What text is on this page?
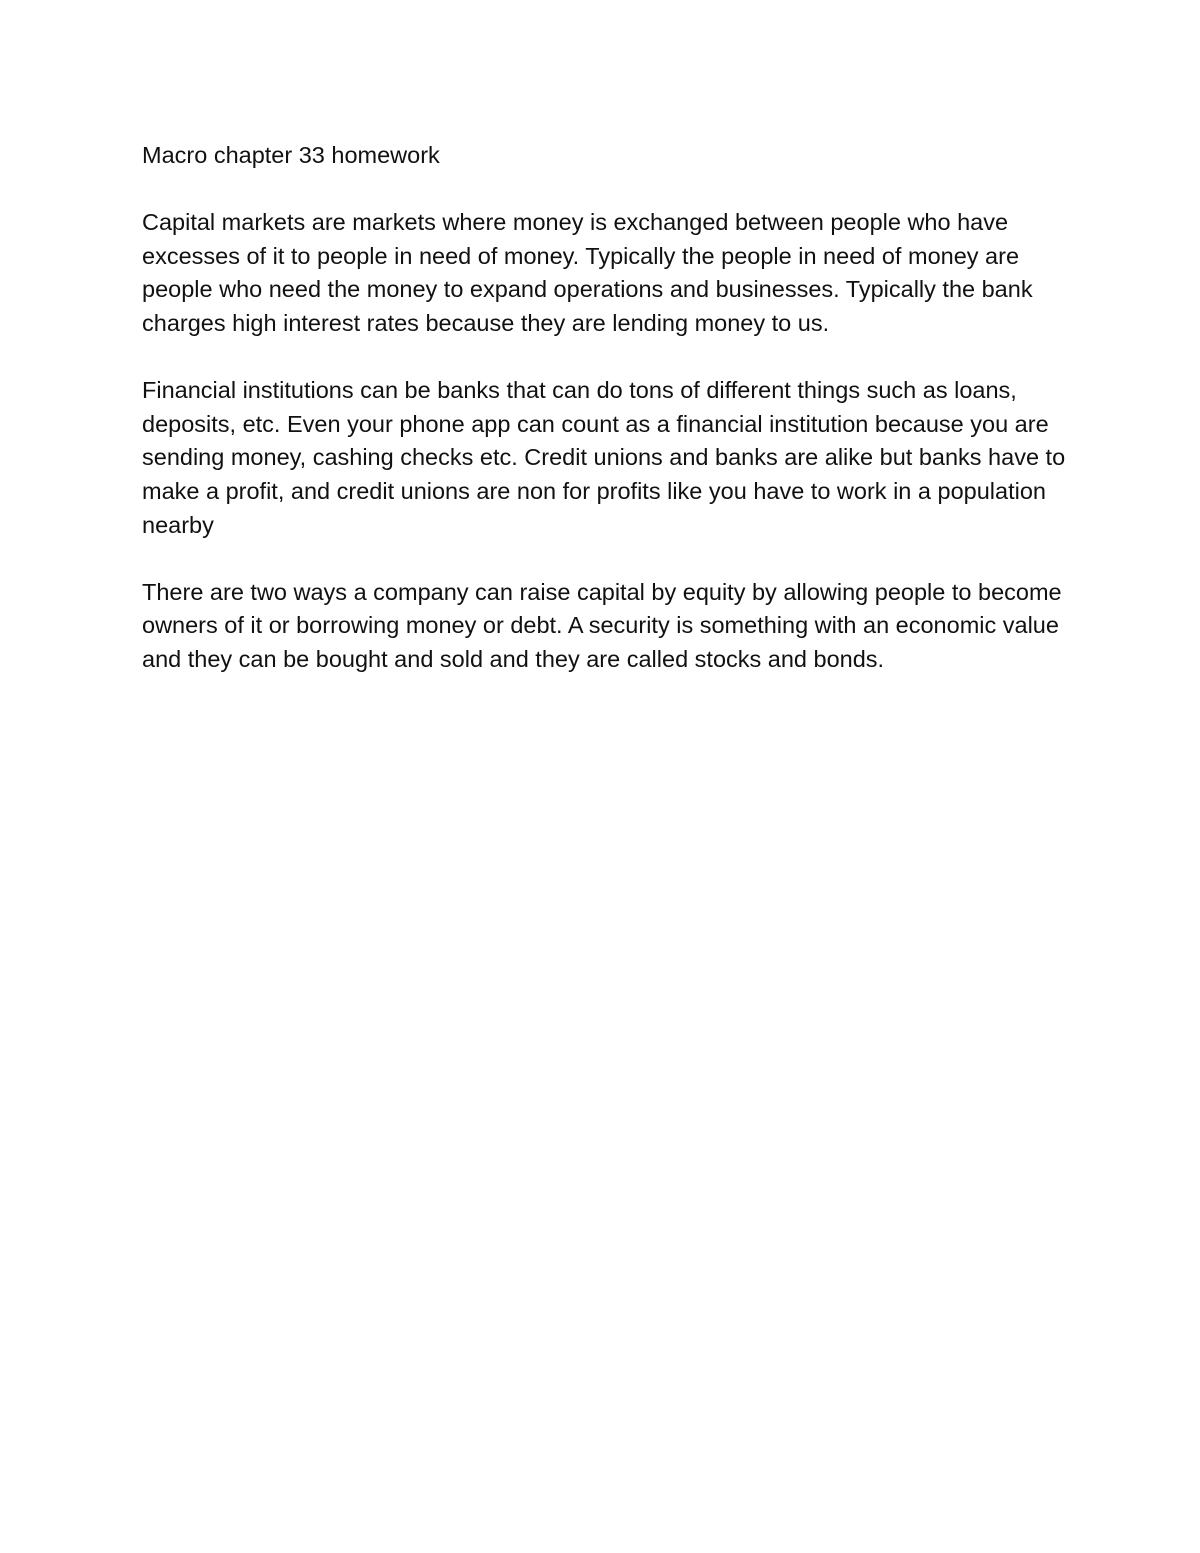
Macro chapter 33 homework

Capital markets are markets where money is exchanged between people who have excesses of it to people in need of money. Typically the people in need of money are people who need the money to expand operations and businesses. Typically the bank charges high interest rates because they are lending money to us.

Financial institutions can be banks that can do tons of different things such as loans, deposits, etc. Even your phone app can count as a financial institution because you are sending money, cashing checks etc. Credit unions and banks are alike but banks have to make a profit, and credit unions are non for profits like you have to work in a population nearby

There are two ways a company can raise capital by equity by allowing people to become owners of it or borrowing money or debt. A security is something with an economic value and they can be bought and sold and they are called stocks and bonds.
